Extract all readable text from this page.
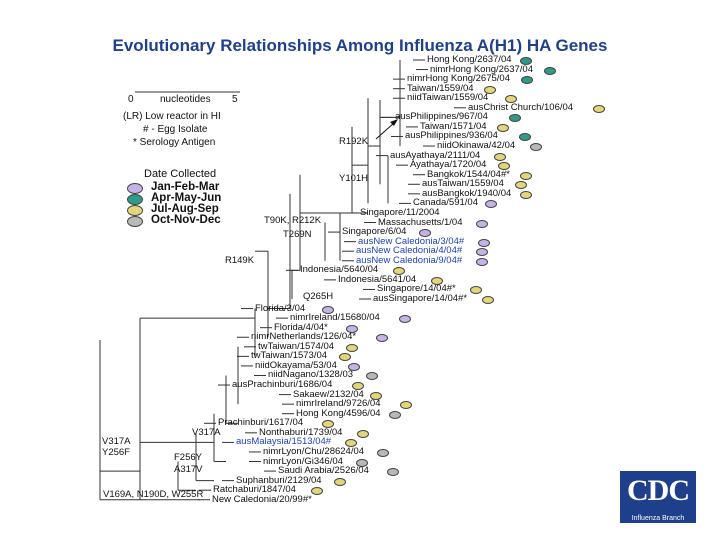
Evolutionary Relationships Among Influenza A(H1) HA Genes
0	nucleotides 5
(LR) Low reactor in HI
# - Egg Isolate
* Serology Antigen
Date Collected
Jan-Feb-Mar
Apr-May-Jun
Jul-Aug-Sep
Oct-Nov-Dec
Hong Kong/2637/04
nimrHong Kong/2637/04
nimrHong Kong/2675/04
Taiwan/1559/04
niidTaiwan/1559/04
ausChrist Church/106/04
ausPhilippines/967/04
Taiwan/1571/04
ausPhilippines/936/04
niidOkinawa/42/04
ausAyathaya/2111/04
Ayathaya/1720/04
Bangkok/1544/04#*
ausTaiwan/1559/04
ausBangkok/1940/04
Canada/591/04
Singapore/11/2004
Massachusetts/1/04
Singapore/6/04
ausNew Caledonia/3/04#
ausNew Caledonia/4/04#
ausNew Caledonia/9/04#
Indonesia/5640/04
Indonesia/5641/04
Singapore/14/04#*
ausSingapore/14/04#*
Florida/3/04
nimrIreland/15680/04
Florida/4/04*
nimrNetherlands/126/04*
twTaiwan/1574/04
twTaiwan/1573/04
niidOkayama/53/04
niidNagano/1328/03
ausPrachinburi/1686/04
Sakaew/2132/04
nimrIreland/9726/04
Hong Kong/4596/04
Prachinburi/1617/04
Nonthaburi/1739/04
ausMalaysia/1513/04#
nimrLyon/Chu/28624/04
nimrLyon/Gi346/04
Saudi Arabia/2526/04
Suphanburi/2129/04
Ratchaburi/1847/04
New Caledonia/20/99#*
R192K
Y101H
T90K, R212K
T269N
R149K
Q265H
V317A
F256Y
A317V
V317A
Y256F
V169A, N190D, W255R	CDC
Influenza Branch
